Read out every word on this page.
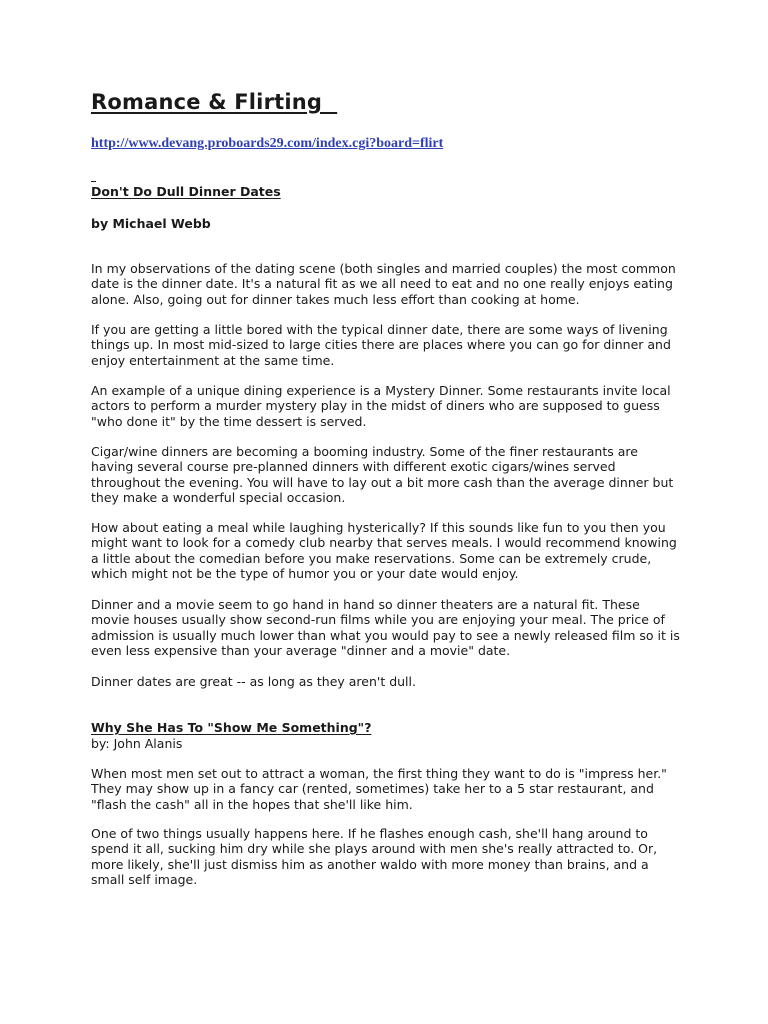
Romance & Flirting
http://www.devang.proboards29.com/index.cgi?board=flirt
Don't Do Dull Dinner Dates
by Michael Webb

In my observations of the dating scene (both singles and married couples) the most common date is the dinner date. It's a natural fit as we all need to eat and no one really enjoys eating alone. Also, going out for dinner takes much less effort than cooking at home.

If you are getting a little bored with the typical dinner date, there are some ways of livening things up. In most mid-sized to large cities there are places where you can go for dinner and enjoy entertainment at the same time.

An example of a unique dining experience is a Mystery Dinner. Some restaurants invite local actors to perform a murder mystery play in the midst of diners who are supposed to guess "who done it" by the time dessert is served.

Cigar/wine dinners are becoming a booming industry. Some of the finer restaurants are having several course pre-planned dinners with different exotic cigars/wines served throughout the evening. You will have to lay out a bit more cash than the average dinner but they make a wonderful special occasion.

How about eating a meal while laughing hysterically? If this sounds like fun to you then you might want to look for a comedy club nearby that serves meals. I would recommend knowing a little about the comedian before you make reservations. Some can be extremely crude, which might not be the type of humor you or your date would enjoy.

Dinner and a movie seem to go hand in hand so dinner theaters are a natural fit. These movie houses usually show second-run films while you are enjoying your meal. The price of admission is usually much lower than what you would pay to see a newly released film so it is even less expensive than your average "dinner and a movie" date.

Dinner dates are great -- as long as they aren't dull.

Why She Has To "Show Me Something"?
by: John Alanis

When most men set out to attract a woman, the first thing they want to do is "impress her." They may show up in a fancy car (rented, sometimes) take her to a 5 star restaurant, and "flash the cash" all in the hopes that she'll like him.

One of two things usually happens here. If he flashes enough cash, she'll hang around to spend it all, sucking him dry while she plays around with men she's really attracted to. Or, more likely, she'll just dismiss him as another waldo with more money than brains, and a small self image.
